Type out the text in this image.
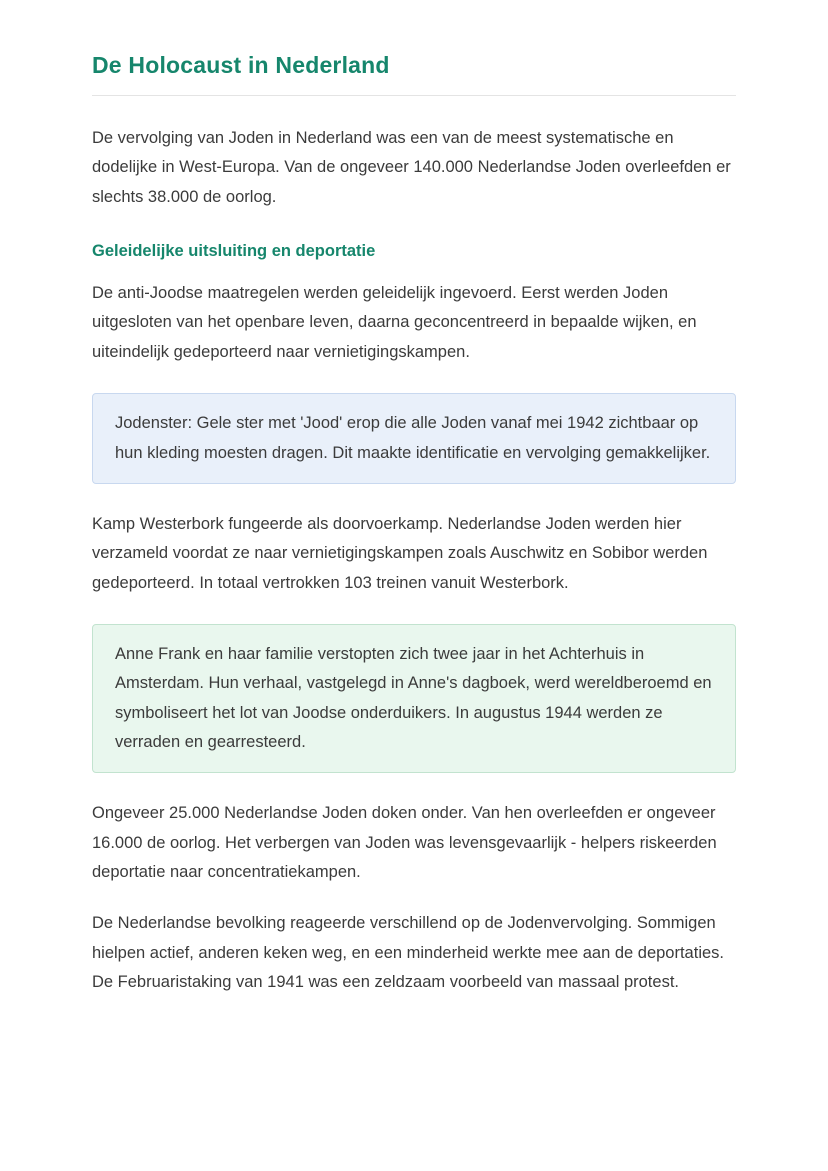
De Holocaust in Nederland

De vervolging van Joden in Nederland was een van de meest systematische en dodelijke in West-Europa. Van de ongeveer 140.000 Nederlandse Joden overleefden er slechts 38.000 de oorlog.

Geleidelijke uitsluiting en deportatie

De anti-Joodse maatregelen werden geleidelijk ingevoerd. Eerst werden Joden uitgesloten van het openbare leven, daarna geconcentreerd in bepaalde wijken, en uiteindelijk gedeporteerd naar vernietigingskampen.

Jodenster: Gele ster met 'Jood' erop die alle Joden vanaf mei 1942 zichtbaar op hun kleding moesten dragen. Dit maakte identificatie en vervolging gemakkelijker.

Kamp Westerbork fungeerde als doorvoerkamp. Nederlandse Joden werden hier verzameld voordat ze naar vernietigingskampen zoals Auschwitz en Sobibor werden gedeporteerd. In totaal vertrokken 103 treinen vanuit Westerbork.

Anne Frank en haar familie verstopten zich twee jaar in het Achterhuis in Amsterdam. Hun verhaal, vastgelegd in Anne's dagboek, werd wereldberoemd en symboliseert het lot van Joodse onderduikers. In augustus 1944 werden ze verraden en gearresteerd.

Ongeveer 25.000 Nederlandse Joden doken onder. Van hen overleefden er ongeveer 16.000 de oorlog. Het verbergen van Joden was levensgevaarlijk - helpers riskeerden deportatie naar concentratiekampen.

De Nederlandse bevolking reageerde verschillend op de Jodenvervolging. Sommigen hielpen actief, anderen keken weg, en een minderheid werkte mee aan de deportaties. De Februaristaking van 1941 was een zeldzaam voorbeeld van massaal protest.
